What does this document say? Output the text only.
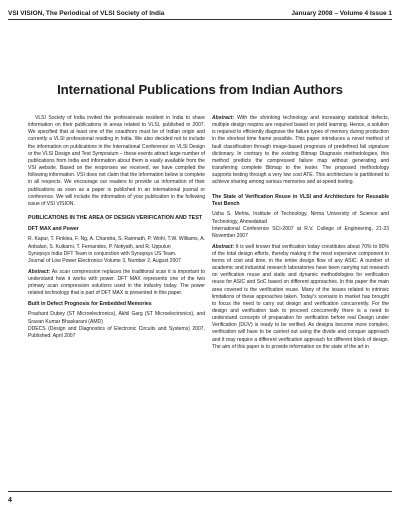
VSI VISION, The Periodical of VLSI Society of India	January 2008 – Volume 4 Issue 1
International Publications from Indian Authors

VLSI Society of India invited the professionals resident in India to share information on their publications in areas related to VLSI, published in 2007. We specified that at least one of the coauthors must be of Indian origin and currently a VLSI professional residing in India. We also decided not to include the information on publications in the International Conference on VLSI Design or the VLSI Design and Test Symposium – these events attract large number of publications from India and information about them is easily available from the VSI website. Based on the responses we received, we have compiled the following information. VSI does not claim that the information below is complete in all respects. We encourage our readers to provide us information of their publications as soon as a paper is published in an international journal or conference. We will include the information of your publication in the following issue of VSI VISION.

PUBLICATIONS IN THE AREA OF DESIGN VERIFICATION AND TEST

DFT MAX and Power

R. Kapur, T. Finklea, F. Ng, A. Chandra, S. Ramnath, P. Wohl, T.W. Williams, A. Anbalan, S. Kulkarni, T. Fernandes, P. Notiyath, and R. Uppuluri

Synopsys India DFT Team in conjunction with Synopsys US Team.

Journal of Low Power Electronics Volume 3, Number 2, August 2007

Abstract: As scan compression replaces the traditional scan it is important to understand how it works with power. DFT MAX represents one of the two primary scan compression solutions used in the industry today. The power related technology that is part of DFT MAX is presented in this paper.

Built in Defect Prognosis for Embedded Memories

Prashant Dubey (ST Microelectronics), Akhil Garg (ST Microelectronics), and Sravan Kumar Bhaskarani (AMD)

DDECS (Design and Diagnostics of Electronic Circuits and Systems) 2007, Published: April 2007

Abstract: With the shrinking technology and increasing statistical defects, multiple design respins are required based on yield learning. Hence, a solution is required to efficiently diagnose the failure types of memory during production in the shortest time frame possible. This paper introduces a novel method of fault classification through image-based prognosis of predefined fail signature dictionary. In contrary to the existing Bitmap Diagnosis methodologies, this method predicts the compressed failure map without generating and transferring complete Bitmap to the tester. The proposed methodology supports testing through a very low cost ATE. This architecture is partitioned to achieve sharing among various memories and at-speed testing.

The State of Verification Reuse in VLSI and Architecture for Reusable Test Bench

Usha S. Mehta, Institute of Technology, Nirma University of Science and Technology, Ahmedabad

International Conference SCI-2007 at R.V. College of Engineering, 21-23 November 2007

Abstract: It is well known that verification today constitutes about 70% to 80% of the total design efforts, thereby making it the most expensive component in terms of cost and time, in the entire design flow of any ASIC. A number of academic and industrial research laboratories have been carrying out research on verification reuse and static and dynamic methodologies for verification reuse for ASIC and SoC based on different approaches. In this paper the main area covered is the verification reuse. Many of the issues related to intrinsic limitations of these approaches taken. Today's scenario in market has brought to focus the need to carry out design and verification concurrently. For the design and verification task to proceed concurrently there is a need to understand concepts of preparation for verification before real Design under Verification (DUV) is ready to be verified. As designs become more complex, verification will have to be carried out using the divide and conquer approach and it may require a different verification approach for different block of design. The aim of this paper is to provide information on the state of the art in

4
